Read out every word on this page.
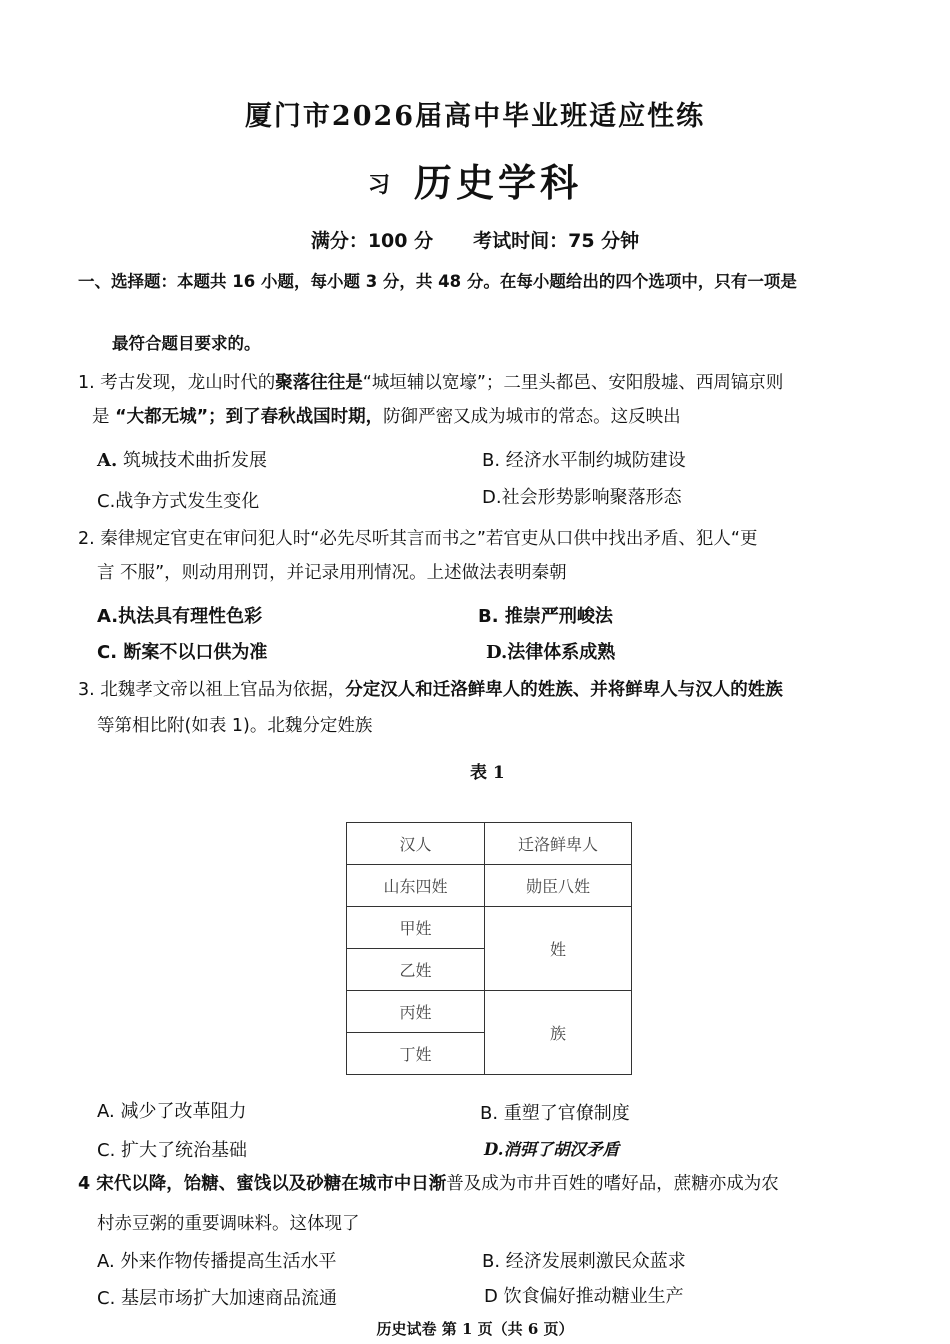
厦门市2026届高中毕业班适应性练
习 历史学科
满分：100 分 考试时间：75 分钟
一、选择题：本题共 16 小题，每小题 3 分，共 48 分。在每小题给出的四个选项中，只有一项是
最符合题目要求的。
1. 考古发现，龙山时代的聚落往往是“城垣辅以宽壕”；二里头都邑、安阳殷墟、西周镐京则
是 “大都无城”；到了春秋战国时期，防御严密又成为城市的常态。这反映出
A. 筑城技术曲折发展	B. 经济水平制约城防建设
C.战争方式发生变化	D.社会形势影响聚落形态
2. 秦律规定官吏在审问犯人时“必先尽听其言而书之”若官吏从口供中找出矛盾、犯人“更
言 不服”，则动用刑罚，并记录用刑情况。上述做法表明秦朝
A.执法具有理性色彩	B. 推崇严刑峻法
C. 断案不以口供为准	D.法律体系成熟
3. 北魏孝文帝以祖上官品为依据，分定汉人和迁洛鲜卑人的姓族、并将鲜卑人与汉人的姓族
等第相比附(如表 1)。北魏分定姓族
表 1
汉人	迁洛鲜卑人
山东四姓	勋臣八姓
甲姓	姓
乙姓	
丙姓	族
丁姓	
A. 减少了改革阻力	B. 重塑了官僚制度
C. 扩大了统治基础	D.消弭了胡汉矛盾
4 宋代以降，饴糖、蜜饯以及砂糖在城市中日渐普及成为市井百姓的嗜好品，蔗糖亦成为农
村赤豆粥的重要调味料。这体现了
A. 外来作物传播提高生活水平	B. 经济发展刺激民众蓝求
C. 基层市场扩大加速商品流通	D 饮食偏好推动糖业生产
历史试卷 第 1 页（共 6 页）
